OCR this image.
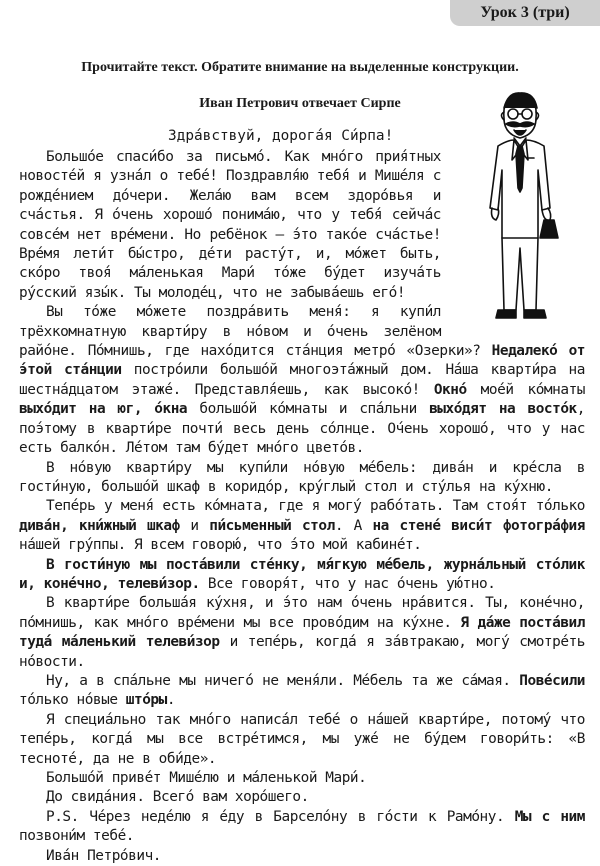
Урок 3 (три)
Прочитайте текст. Обратите внимание на выделенные конструкции.
Иван Петрович отвечает Сирпе
Здра́вствуй, дорога́я Си́рпа!

Большо́е спаси́бо за письмо́. Как мно́го прия́тных новосте́й я узна́л о тебе́! Поздравля́ю тебя́ и Мише́ля с рожде́нием до́чери. Жела́ю вам всем здоро́вья и сча́стья. Я о́чень хорошо́ понима́ю, что у тебя́ сейча́с совсе́м нет вре́мени. Но ребёнок — э́то тако́е сча́стье! Вре́мя лети́т бы́стро, де́ти расту́т, и, мо́жет быть, ско́ро твоя́ ма́ленькая Мари́ то́же бу́дет изуча́ть ру́сский язы́к. Ты молоде́ц, что не забыва́ешь его́!

Вы то́же мо́жете поздра́вить меня́: я купи́л трёхкомнатную кварти́ру в но́вом и о́чень зелёном райо́не. По́мнишь, где нахо́дится ста́нция метро́ «Озерки»? Недалеко́ от э́той ста́нции постро́или большо́й многоэта́жный дом. На́ша кварти́ра на шестна́дцатом этаже́. Представля́ешь, как высоко́! Окно́ мое́й ко́мнаты выхо́дит на юг, о́кна большо́й ко́мнаты и спа́льни выхо́дят на восто́к, поэ́тому в кварти́ре почти́ весь день со́лнце. О́чень хорошо́, что у нас есть балко́н. Ле́том там бу́дет мно́го цвето́в.

В но́вую кварти́ру мы купи́ли но́вую ме́бель: дива́н и кре́сла в гости́ную, большо́й шкаф в коридо́р, кру́глый стол и сту́лья на ку́хню.

Тепе́рь у меня́ есть ко́мната, где я могу́ рабо́тать. Там стоя́т то́лько дива́н, кни́жный шкаф и пи́сьменный стол. А на стене́ виси́т фотогра́фия на́шей гру́ппы. Я всем говорю́, что э́то мой кабине́т.

В гости́ную мы поста́вили сте́нку, мя́гкую ме́бель, журна́льный сто́лик и, коне́чно, телеви́зор. Все говоря́т, что у нас о́чень ую́тно.

В кварти́ре больша́я ку́хня, и э́то нам о́чень нра́вится. Ты, коне́чно, по́мнишь, как мно́го вре́мени мы все провóдим на ку́хне. Я да́же поста́вил туда́ ма́ленький телеви́зор и тепе́рь, когда́ я за́втракаю, могу́ смотре́ть но́вости.

Ну, а в спа́льне мы ничего́ не меня́ли. Ме́бель та же са́мая. Пове́сили то́лько но́вые што́ры.

Я специа́льно так мно́го написа́л тебе́ о на́шей кварти́ре, потому́ что тепе́рь, когда́ мы все встре́тимся, мы уже́ не бу́дем говори́ть: «В тесноте́, да не в оби́де».

Большо́й приве́т Мише́лю и ма́ленькой Мари́.

До свида́ния. Всего́ вам хоро́шего.

P.S. Че́рез неде́лю я е́ду в Барсело́ну в го́сти к Рамо́ну. Мы с ним позвони́м тебе́.

Ива́н Петро́вич.
